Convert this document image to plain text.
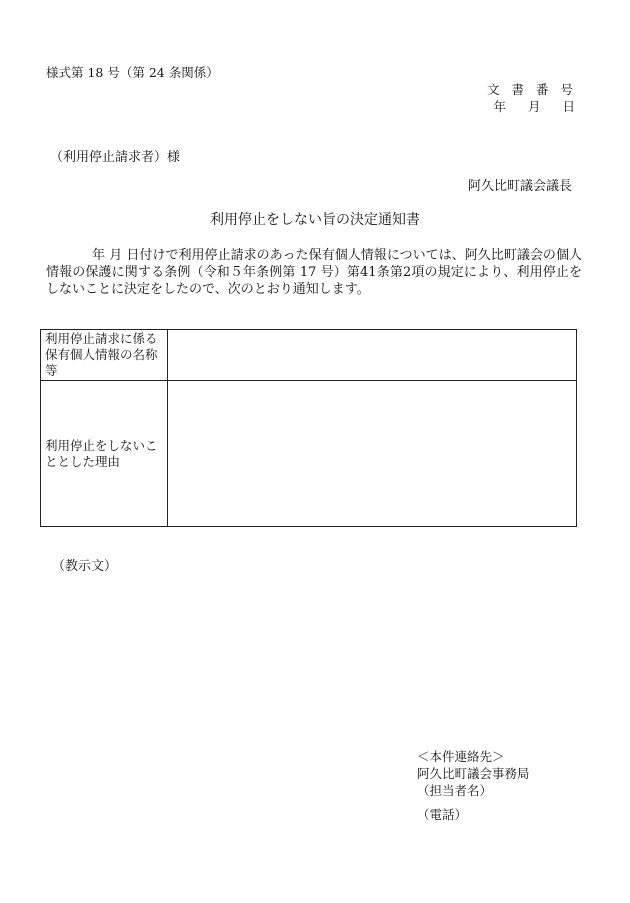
様式第 18 号（第 24 条関係）
文 書 番 号
年 月 日
（利用停止請求者）様
阿久比町議会議長
利用停止をしない旨の決定通知書
年 月 日付けで利用停止請求のあった保有個人情報については、阿久比町議会の個人情報の保護に関する条例（令和５年条例第 17 号）第41条第2項の規定により、利用停止をしないことに決定をしたので、次のとおり通知します。
利用停止請求に係る保有個人情報の名称等	
利用停止をしないこととした理由	
（教示文）
＜本件連絡先＞
阿久比町議会事務局
（担当者名）
（電話）
